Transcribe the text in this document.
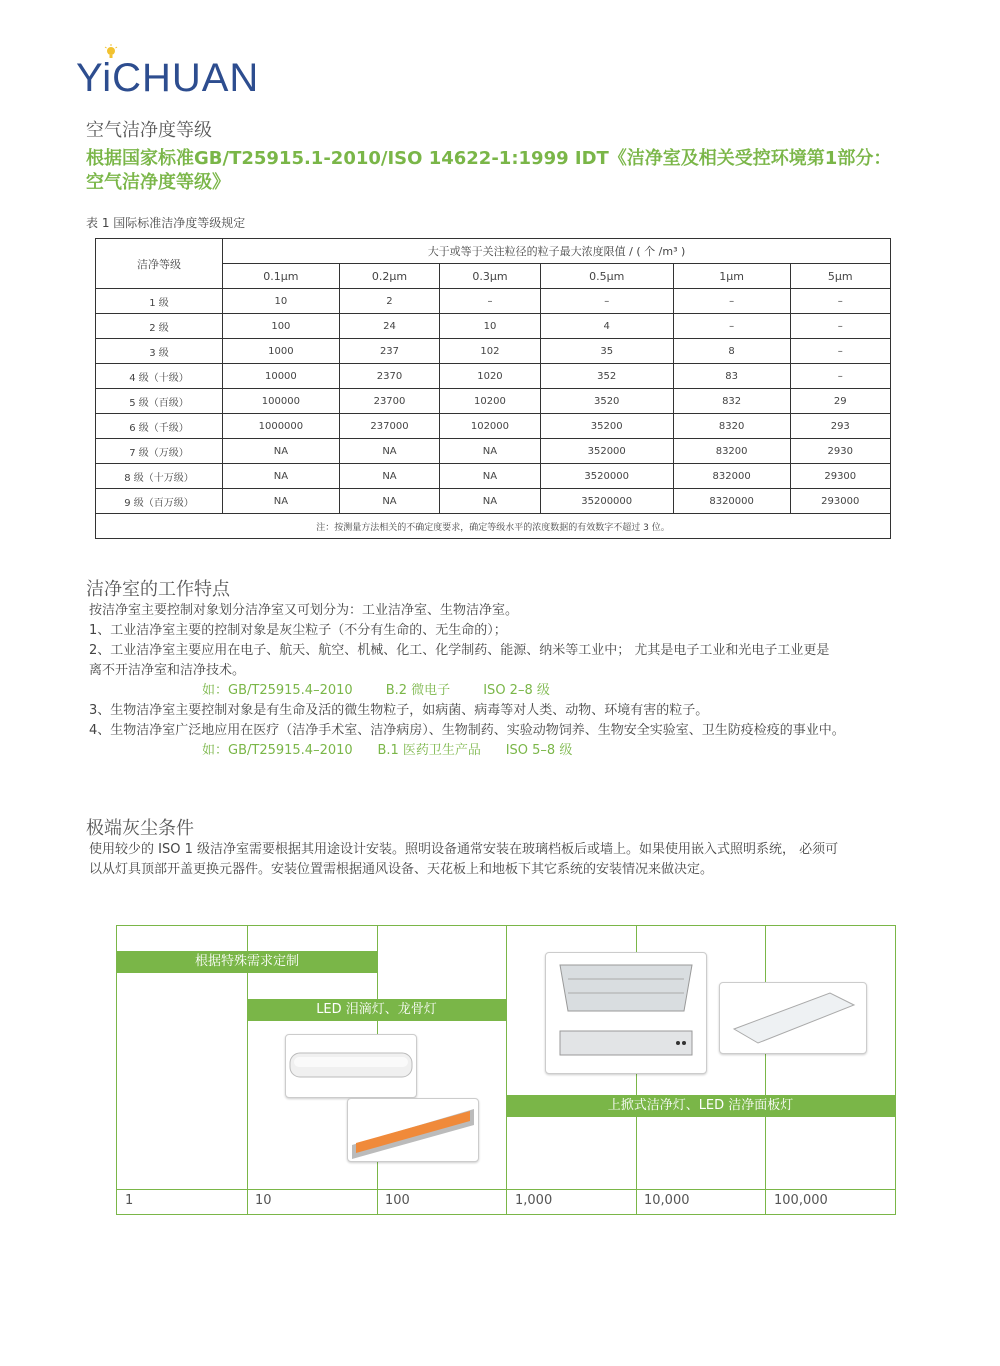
YiCHUAN
空气洁净度等级
根据国家标准GB/T25915.1-2010/ISO 14622-1:1999 IDT《洁净室及相关受控环境第1部分：
空气洁净度等级》
表 1 国际标准洁净度等级规定
洁净等级	大于或等于关注粒径的粒子最大浓度限值 / ( 个 /m³ )					
	0.1μm	0.2μm	0.3μm	0.5μm	1μm	5μm
1 级	10	2	–	–	–	–
2 级	100	24	10	4	–	–
3 级	1000	237	102	35	8	–
4 级（十级）	10000	2370	1020	352	83	–
5 级（百级）	100000	23700	10200	3520	832	29
6 级（千级）	1000000	237000	102000	35200	8320	293
7 级（万级）	NA	NA	NA	352000	83200	2930
8 级（十万级）	NA	NA	NA	3520000	832000	29300
9 级（百万级）	NA	NA	NA	35200000	8320000	293000
注：按测量方法相关的不确定度要求，确定等级水平的浓度数据的有效数字不超过 3 位。						
洁净室的工作特点
按洁净室主要控制对象划分洁净室又可划分为：工业洁净室、生物洁净室。
1、工业洁净室主要的控制对象是灰尘粒子（不分有生命的、无生命的）；
2、工业洁净室主要应用在电子、航天、航空、机械、化工、化学制药、能源、纳米等工业中； 尤其是电子工业和光电子工业更是
离不开洁净室和洁净技术。
如：GB/T25915.4–2010        B.2 微电子        ISO 2–8 级
3、生物洁净室主要控制对象是有生命及活的微生物粒子，如病菌、病毒等对人类、动物、环境有害的粒子。
4、生物洁净室广泛地应用在医疗（洁净手术室、洁净病房）、生物制药、实验动物饲养、生物安全实验室、卫生防疫检疫的事业中。
如：GB/T25915.4–2010      B.1 医药卫生产品      ISO 5–8 级
极端灰尘条件
使用较少的 ISO 1 级洁净室需要根据其用途设计安装。照明设备通常安装在玻璃档板后或墙上。如果使用嵌入式照明系统， 必须可
以从灯具顶部开盖更换元器件。安装位置需根据通风设备、天花板上和地板下其它系统的安装情况来做决定。
根据特殊需求定制
LED 泪滴灯、龙骨灯
上掀式洁净灯、LED 洁净面板灯
1	10	100	1,000	10,000	100,000
